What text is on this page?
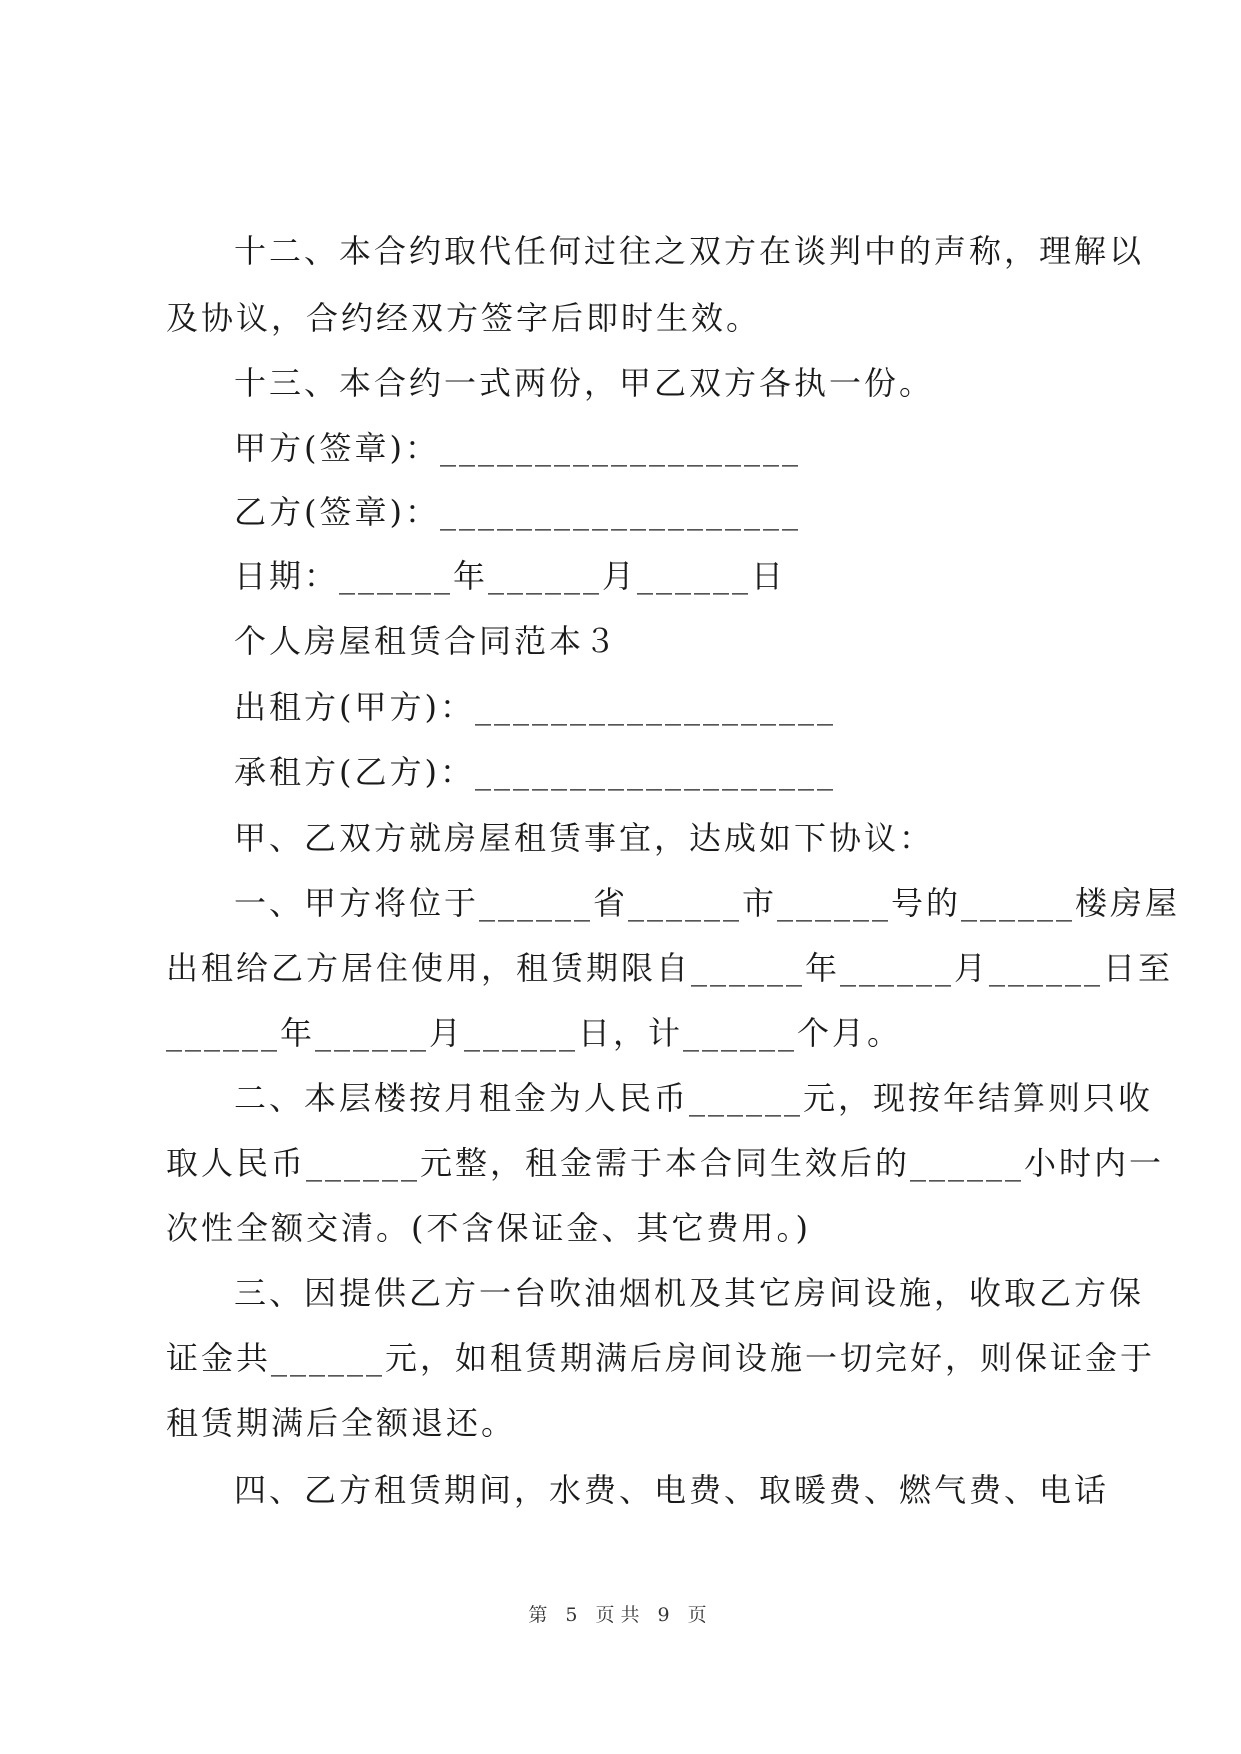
十二、本合约取代任何过往之双方在谈判中的声称，理解以
及协议，合约经双方签字后即时生效。
十三、本合约一式两份，甲乙双方各执一份。
甲方(签章)：___________________
乙方(签章)：___________________
日期：______年______月______日
个人房屋租赁合同范本３
出租方(甲方)：___________________
承租方(乙方)：___________________
甲、乙双方就房屋租赁事宜，达成如下协议：
一、甲方将位于______省______市______号的______楼房屋
出租给乙方居住使用，租赁期限自______年______月______日至
______年______月______日，计______个月。
二、本层楼按月租金为人民币______元，现按年结算则只收
取人民币______元整，租金需于本合同生效后的______小时内一
次性全额交清。(不含保证金、其它费用。)
三、因提供乙方一台吹油烟机及其它房间设施，收取乙方保
证金共______元，如租赁期满后房间设施一切完好，则保证金于
租赁期满后全额退还。
四、乙方租赁期间，水费、电费、取暖费、燃气费、电话
第 5 页共 9 页
